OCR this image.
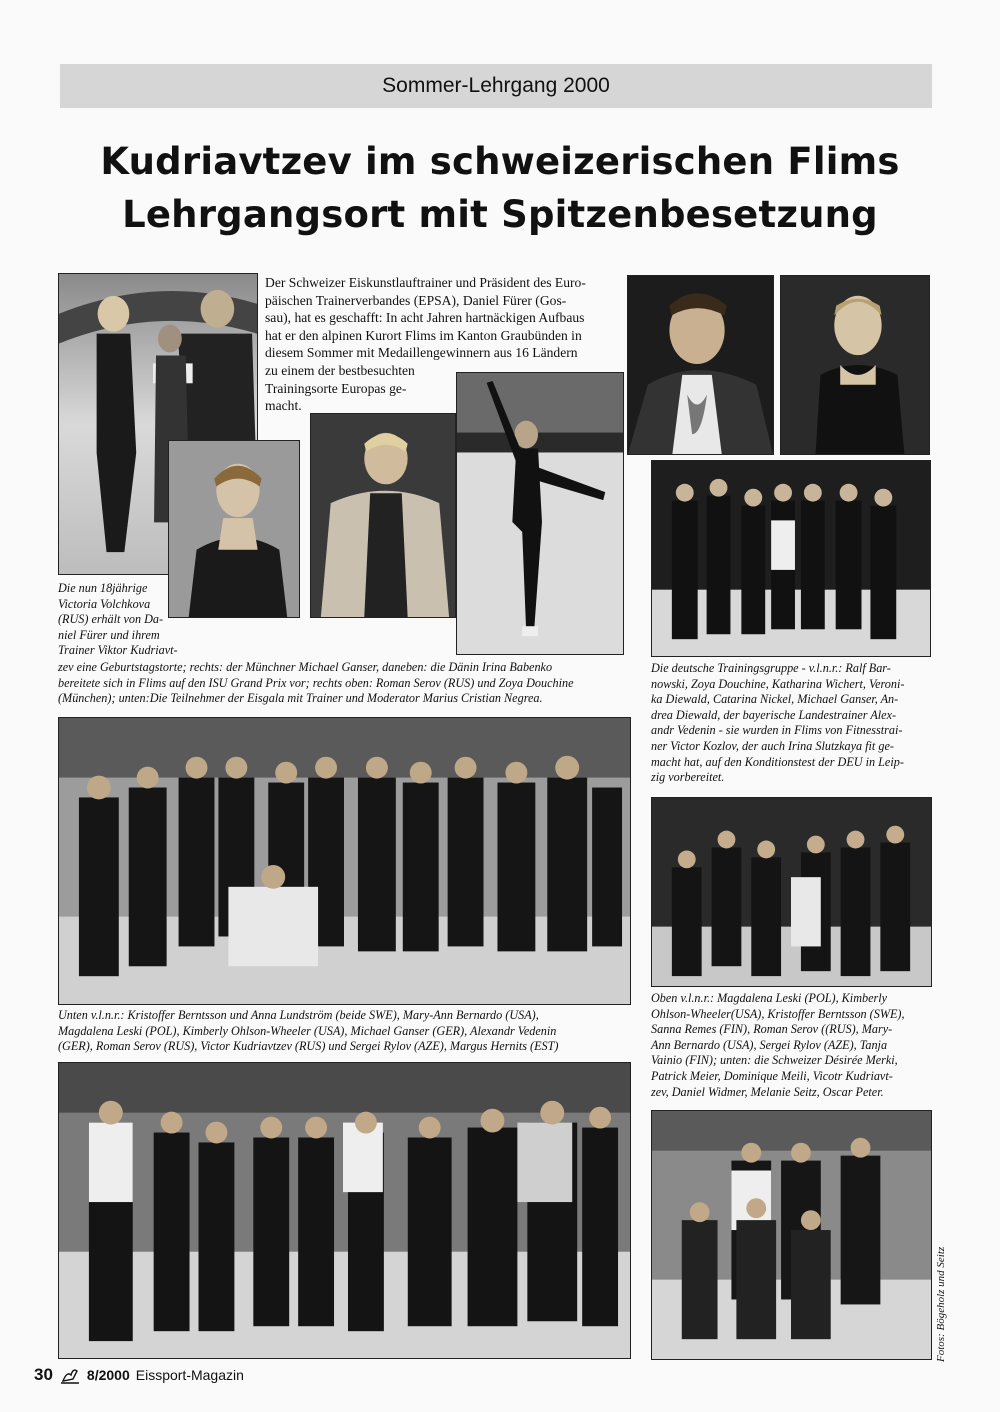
Sommer-Lehrgang 2000
Kudriavtzev im schweizerischen Flims
Lehrgangsort mit Spitzenbesetzung
Der Schweizer Eiskunstlauftrainer und Präsident des Euro-
päischen Trainerverbandes (EPSA), Daniel Fürer (Gos-
sau), hat es geschafft: In acht Jahren hartnäckigen Aufbaus
hat er den alpinen Kurort Flims im Kanton Graubünden in
diesem Sommer mit Medaillengewinnern aus 16 Ländern
zu einem der bestbesuchten
Trainingsorte Europas ge-
macht.
Die nun 18jährige
Victoria Volchkova
(RUS) erhält von Da-
niel Fürer und ihrem
Trainer Viktor Kudriavt-
zev eine Geburtstagstorte; rechts: der Münchner Michael Ganser, daneben: die Dänin Irina Babenko
bereitete sich in Flims auf den ISU Grand Prix vor; rechts oben: Roman Serov (RUS) und Zoya Douchine
(München); unten:Die Teilnehmer der Eisgala mit Trainer und Moderator Marius Cristian Negrea.
Die deutsche Trainingsgruppe - v.l.n.r.: Ralf Bar-
nowski, Zoya Douchine, Katharina Wichert, Veroni-
ka Diewald, Catarina Nickel, Michael Ganser, An-
drea Diewald, der bayerische Landestrainer Alex-
andr Vedenin - sie wurden in Flims von Fitnesstrai-
ner Victor Kozlov, der auch Irina Slutzkaya fit ge-
macht hat, auf den Konditionstest der DEU in Leip-
zig vorbereitet.
Unten v.l.n.r.: Kristoffer Berntsson und Anna Lundström (beide SWE), Mary-Ann Bernardo (USA),
Magdalena Leski (POL), Kimberly Ohlson-Wheeler (USA), Michael Ganser (GER), Alexandr Vedenin
(GER), Roman Serov (RUS), Victor Kudriavtzev (RUS) und Sergei Rylov (AZE), Margus Hernits (EST)
Oben v.l.n.r.: Magdalena Leski (POL), Kimberly
Ohlson-Wheeler(USA), Kristoffer Berntsson (SWE),
Sanna Remes (FIN), Roman Serov ((RUS), Mary-
Ann Bernardo (USA), Sergei Rylov (AZE), Tanja
Vainio (FIN); unten: die Schweizer Désirée Merki,
Patrick Meier, Dominique Meili, Vicotr Kudriavt-
zev, Daniel Widmer, Melanie Seitz, Oscar Peter.
Fotos: Bögeholz und Seitz
30 8/2000 Eissport-Magazin
